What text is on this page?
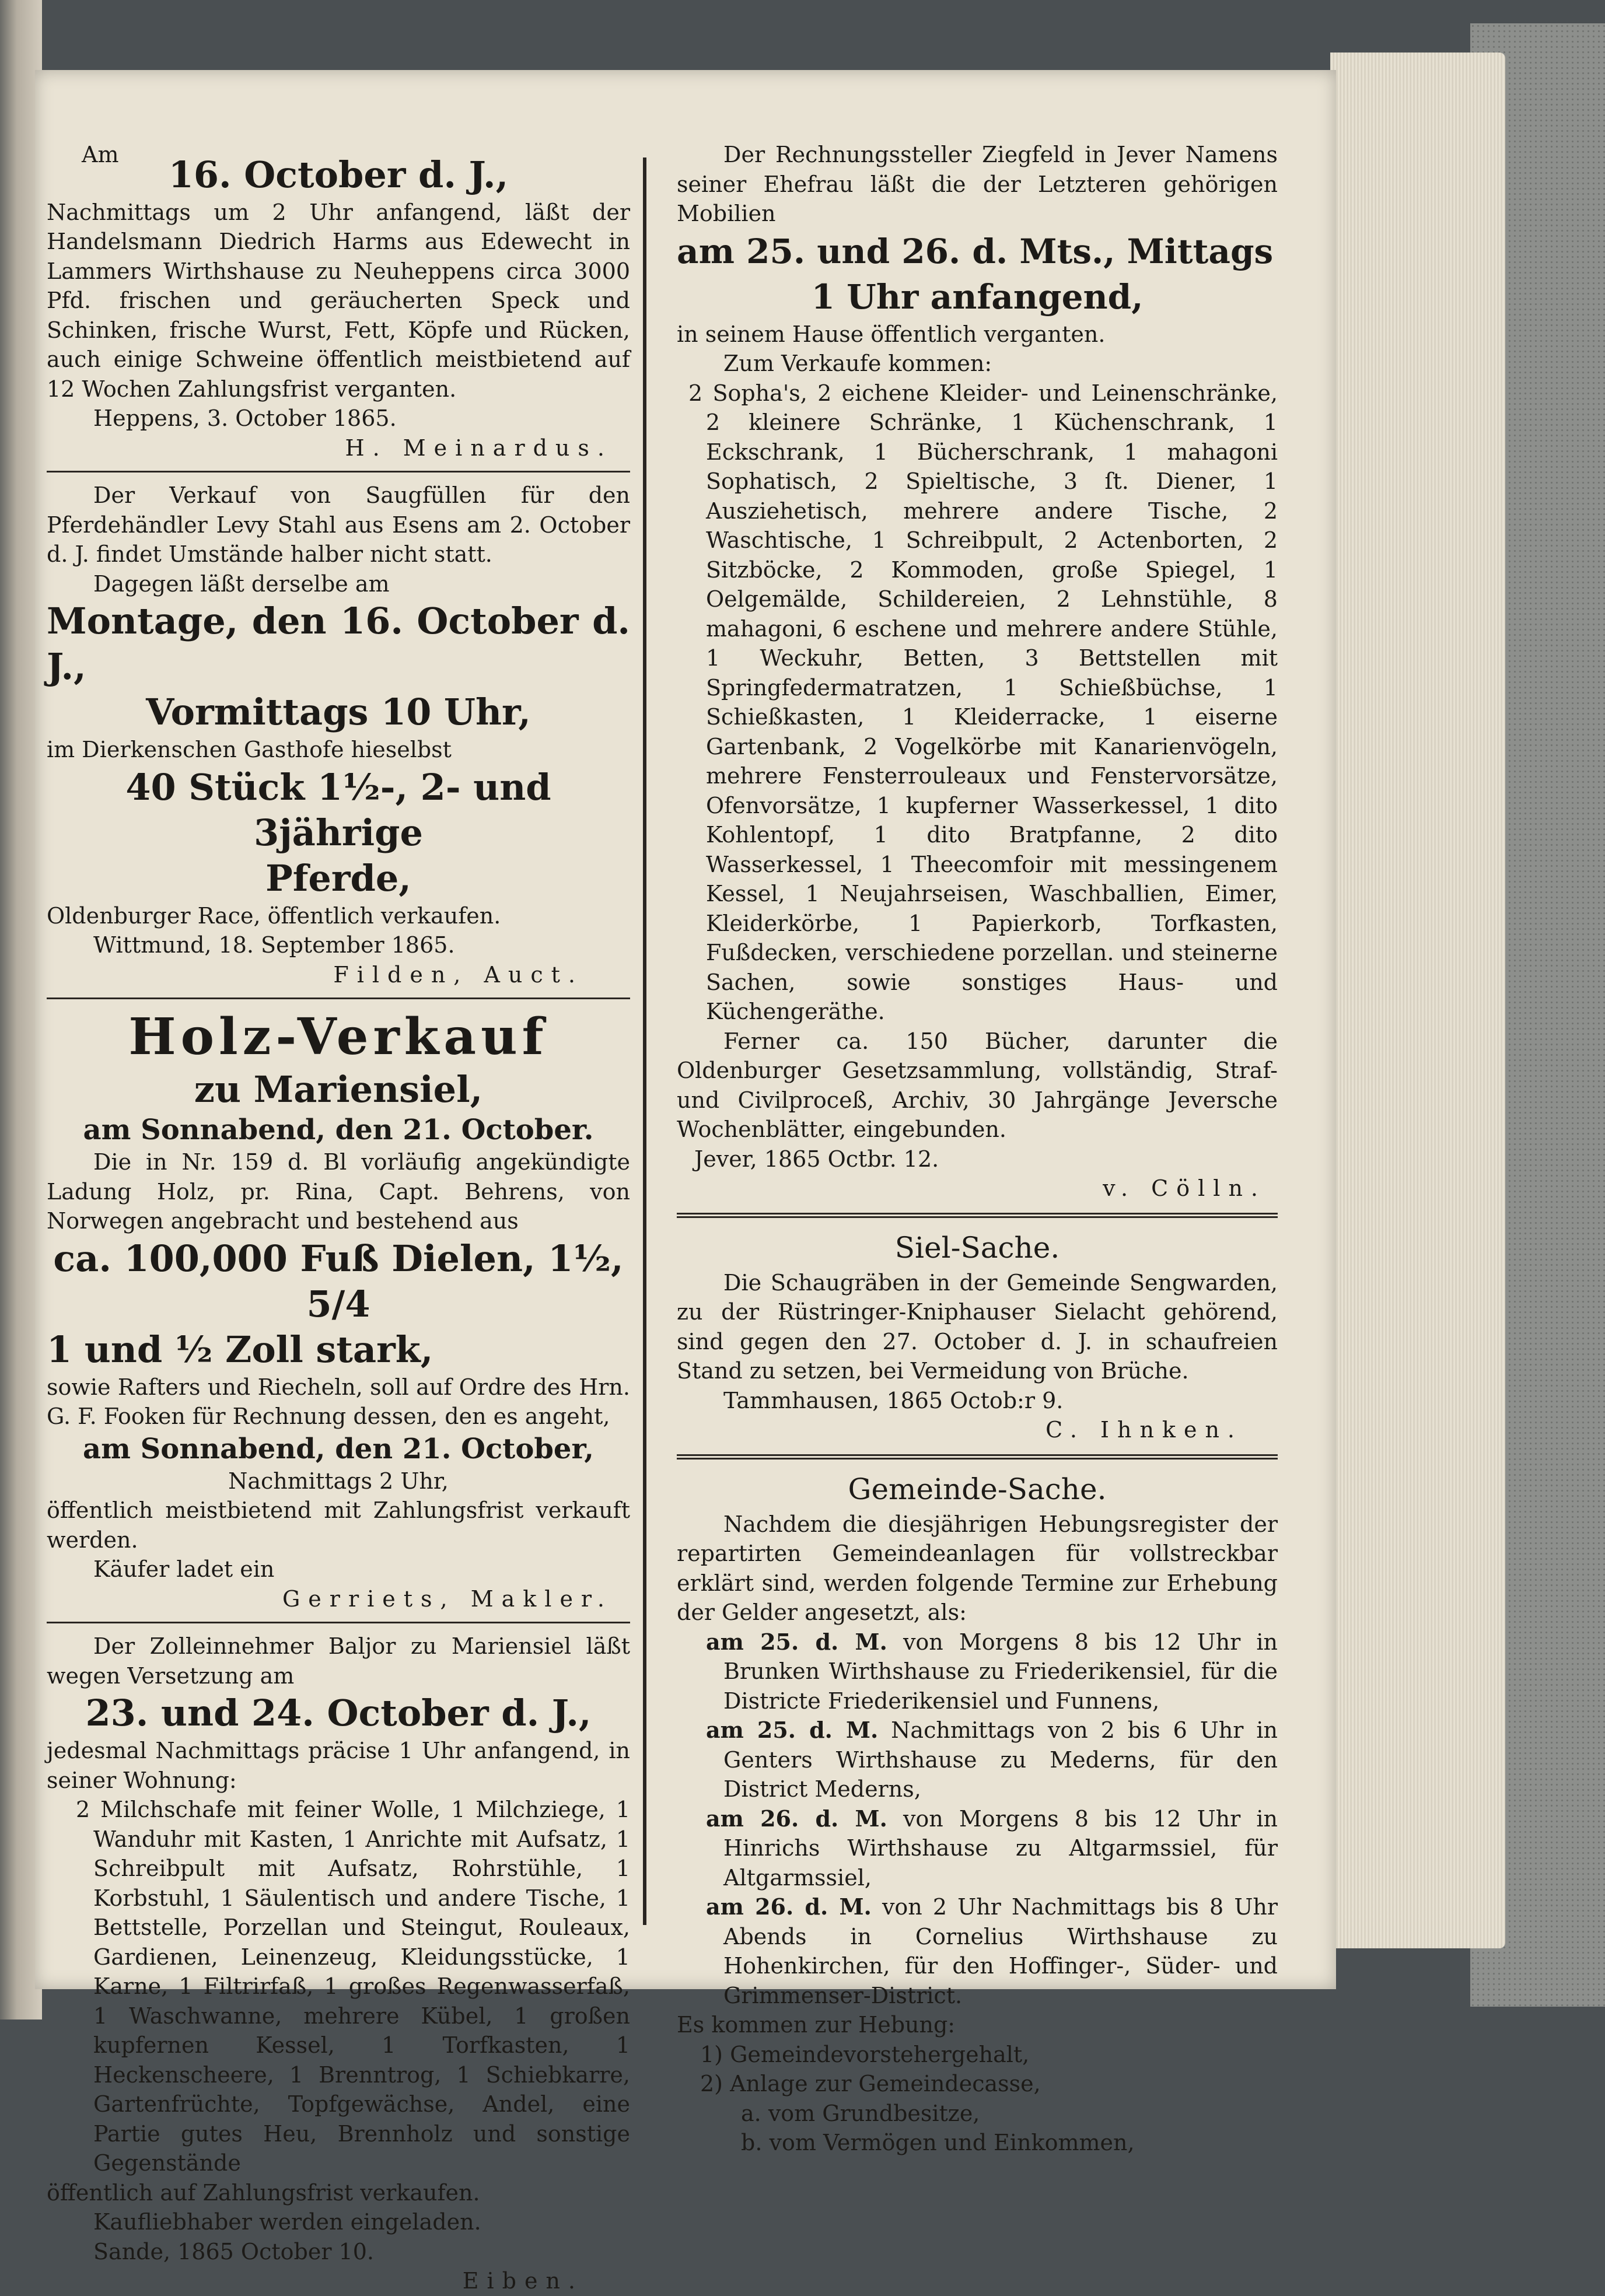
Am	16. October d. J.,

Nachmittags um 2 Uhr anfangend, läßt der Handelsmann Diedrich Harms aus Edewecht in Lammers Wirthshause zu Neuheppens circa 3000 Pfd. frischen und geräucherten Speck und Schinken, frische Wurst, Fett, Köpfe und Rücken, auch einige Schweine öffentlich meistbietend auf 12 Wochen Zahlungsfrist verganten.

Heppens, 3. October 1865.

H. Meinardus.

Der Verkauf von Saugfüllen für den Pferdehändler Levy Stahl aus Esens am 2. October d. J. findet Umstände halber nicht statt.

Dagegen läßt derselbe am

Montage, den 16. October d. J.,

Vormittags 10 Uhr,

im Dierkenschen Gasthofe hieselbst

40 Stück 1½-, 2- und 3jährige

Pferde,

Oldenburger Race, öffentlich verkaufen.

Wittmund, 18. September 1865.

Filden, Auct.

Holz-Verkauf

zu Mariensiel,

am Sonnabend, den 21. October.

Die in Nr. 159 d. Bl vorläufig angekündigte Ladung Holz, pr. Rina, Capt. Behrens, von Norwegen angebracht und bestehend aus

ca. 100,000 Fuß Dielen, 1½, 5/4

1 und ½ Zoll stark,

sowie Rafters und Riecheln, soll auf Ordre des Hrn. G. F. Fooken für Rechnung dessen, den es angeht,

am Sonnabend, den 21. October,

Nachmittags 2 Uhr,

öffentlich meistbietend mit Zahlungsfrist verkauft werden.

Käufer ladet ein

Gerriets, Makler.

Der Zolleinnehmer Baljor zu Mariensiel läßt wegen Versetzung am

23. und 24. October d. J.,

jedesmal Nachmittags präcise 1 Uhr anfangend, in seiner Wohnung:

2 Milchschafe mit feiner Wolle, 1 Milchziege, 1 Wanduhr mit Kasten, 1 Anrichte mit Aufsatz, 1 Schreibpult mit Aufsatz, Rohrstühle, 1 Korbstuhl, 1 Säulentisch und andere Tische, 1 Bettstelle, Porzellan und Steingut, Rouleaux, Gardienen, Leinenzeug, Kleidungsstücke, 1 Karne, 1 Filtrirfaß, 1 großes Regenwasserfaß, 1 Waschwanne, mehrere Kübel, 1 großen kupfernen Kessel, 1 Torfkasten, 1 Heckenscheere, 1 Brenntrog, 1 Schiebkarre, Gartenfrüchte, Topfgewächse, Andel, eine Partie gutes Heu, Brennholz und sonstige Gegenstände

öffentlich auf Zahlungsfrist verkaufen.

Kaufliebhaber werden eingeladen.

Sande, 1865 October 10.

Eiben.

Der Rechnungssteller Ziegfeld in Jever Namens seiner Ehefrau läßt die der Letzteren gehörigen Mobilien

am 25. und 26. d. Mts., Mittags

1 Uhr anfangend,

in seinem Hause öffentlich verganten.

Zum Verkaufe kommen:

2 Sopha's, 2 eichene Kleider- und Leinenschränke, 2 kleinere Schränke, 1 Küchenschrank, 1 Eckschrank, 1 Bücherschrank, 1 mahagoni Sophatisch, 2 Spieltische, 3 ſt. Diener, 1 Ausziehetisch, mehrere andere Tische, 2 Waschtische, 1 Schreibpult, 2 Actenborten, 2 Sitzböcke, 2 Kommoden, große Spiegel, 1 Oelgemälde, Schildereien, 2 Lehnstühle, 8 mahagoni, 6 eschene und mehrere andere Stühle, 1 Weckuhr, Betten, 3 Bettstellen mit Springfedermatratzen, 1 Schießbüchse, 1 Schießkasten, 1 Kleiderracke, 1 eiserne Gartenbank, 2 Vogelkörbe mit Kanarienvögeln, mehrere Fensterrouleaux und Fenstervorsätze, Ofenvorsätze, 1 kupferner Wasserkessel, 1 dito Kohlentopf, 1 dito Bratpfanne, 2 dito Wasserkessel, 1 Theecomfoir mit messingenem Kessel, 1 Neujahrseisen, Waschballien, Eimer, Kleiderkörbe, 1 Papierkorb, Torfkasten, Fußdecken, verschiedene porzellan. und steinerne Sachen, sowie sonstiges Haus- und Küchengeräthe.

Ferner ca. 150 Bücher, darunter die Oldenburger Gesetzsammlung, vollständig, Straf- und Civilproceß, Archiv, 30 Jahrgänge Jeversche Wochenblätter, eingebunden.

Jever, 1865 Octbr. 12.

v. Cölln.

Siel-Sache.

Die Schaugräben in der Gemeinde Sengwarden, zu der Rüstringer-Kniphauser Sielacht gehörend, sind gegen den 27. October d. J. in schaufreien Stand zu setzen, bei Vermeidung von Brüche.

Tammhausen, 1865 Octob:r 9.

C. Ihnken.

Gemeinde-Sache.

Nachdem die diesjährigen Hebungsregister der repartirten Gemeindeanlagen für vollstreckbar erklärt sind, werden folgende Termine zur Erhebung der Gelder angesetzt, als:

am 25. d. M. von Morgens 8 bis 12 Uhr in Brunken Wirthshause zu Friederikensiel, für die Districte Friederikensiel und Funnens,

am 25. d. M. Nachmittags von 2 bis 6 Uhr in Genters Wirthshause zu Mederns, für den District Mederns,

am 26. d. M. von Morgens 8 bis 12 Uhr in Hinrichs Wirthshause zu Altgarmssiel, für Altgarmssiel,

am 26. d. M. von 2 Uhr Nachmittags bis 8 Uhr Abends in Cornelius Wirthshause zu Hohenkirchen, für den Hoffinger-, Süder- und Grimmenser-District.

Es kommen zur Hebung:

1) Gemeindevorstehergehalt,

2) Anlage zur Gemeindecasse,

a. vom Grundbesitze,

b. vom Vermögen und Einkommen,
